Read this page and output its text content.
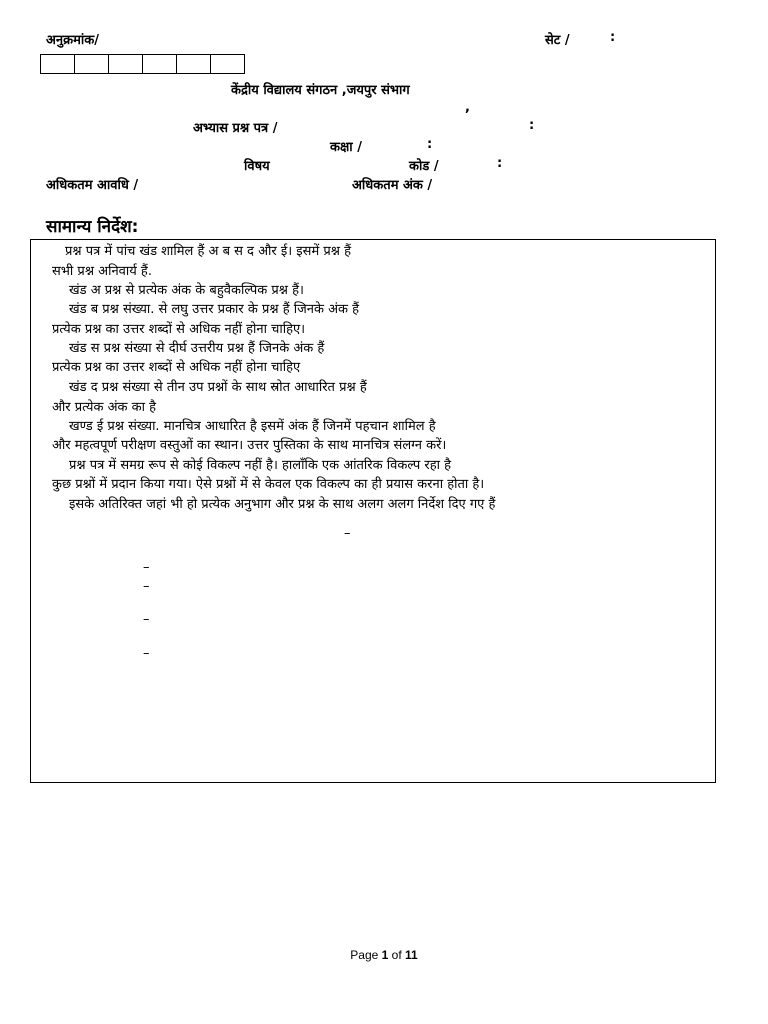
अनुक्रमांक/	सेट /	:
केंद्रीय विद्यालय संगठन ,जयपुर संभाग
,
अभ्यास प्रश्न पत्र /	:
कक्षा /	:
विषय	कोड /	:
अधिकतम आवधि /	अधिकतम अंक /
सामान्य निर्देश:
प्रश्न पत्र में पांच खंड शामिल हैं अ ब स द और ई। इसमें प्रश्न हैं
सभी प्रश्न अनिवार्य हैं.
खंड अ प्रश्न से प्रत्येक अंक के बहुवैकल्पिक प्रश्न हैं।
खंड ब प्रश्न संख्या. से लघु उत्तर प्रकार के प्रश्न हैं जिनके अंक हैं
प्रत्येक प्रश्न का उत्तर शब्दों से अधिक नहीं होना चाहिए।
खंड स प्रश्न संख्या से दीर्घ उत्तरीय प्रश्न हैं जिनके अंक हैं
प्रत्येक प्रश्न का उत्तर शब्दों से अधिक नहीं होना चाहिए
खंड द प्रश्न संख्या से तीन उप प्रश्नों के साथ स्रोत आधारित प्रश्न हैं
और प्रत्येक अंक का है
खण्ड ई प्रश्न संख्या. मानचित्र आधारित है इसमें अंक हैं जिनमें पहचान शामिल है
और महत्वपूर्ण परीक्षण वस्तुओं का स्थान। उत्तर पुस्तिका के साथ मानचित्र संलग्न करें।
प्रश्न पत्र में समग्र रूप से कोई विकल्प नहीं है। हालाँकि एक आंतरिक विकल्प रहा है
कुछ प्रश्नों में प्रदान किया गया। ऐसे प्रश्नों में से केवल एक विकल्प का ही प्रयास करना होता है।
इसके अतिरिक्त जहां भी हो प्रत्येक अनुभाग और प्रश्न के साथ अलग अलग निर्देश दिए गए हैं
–
–
–
–
–
Page 1 of 11
